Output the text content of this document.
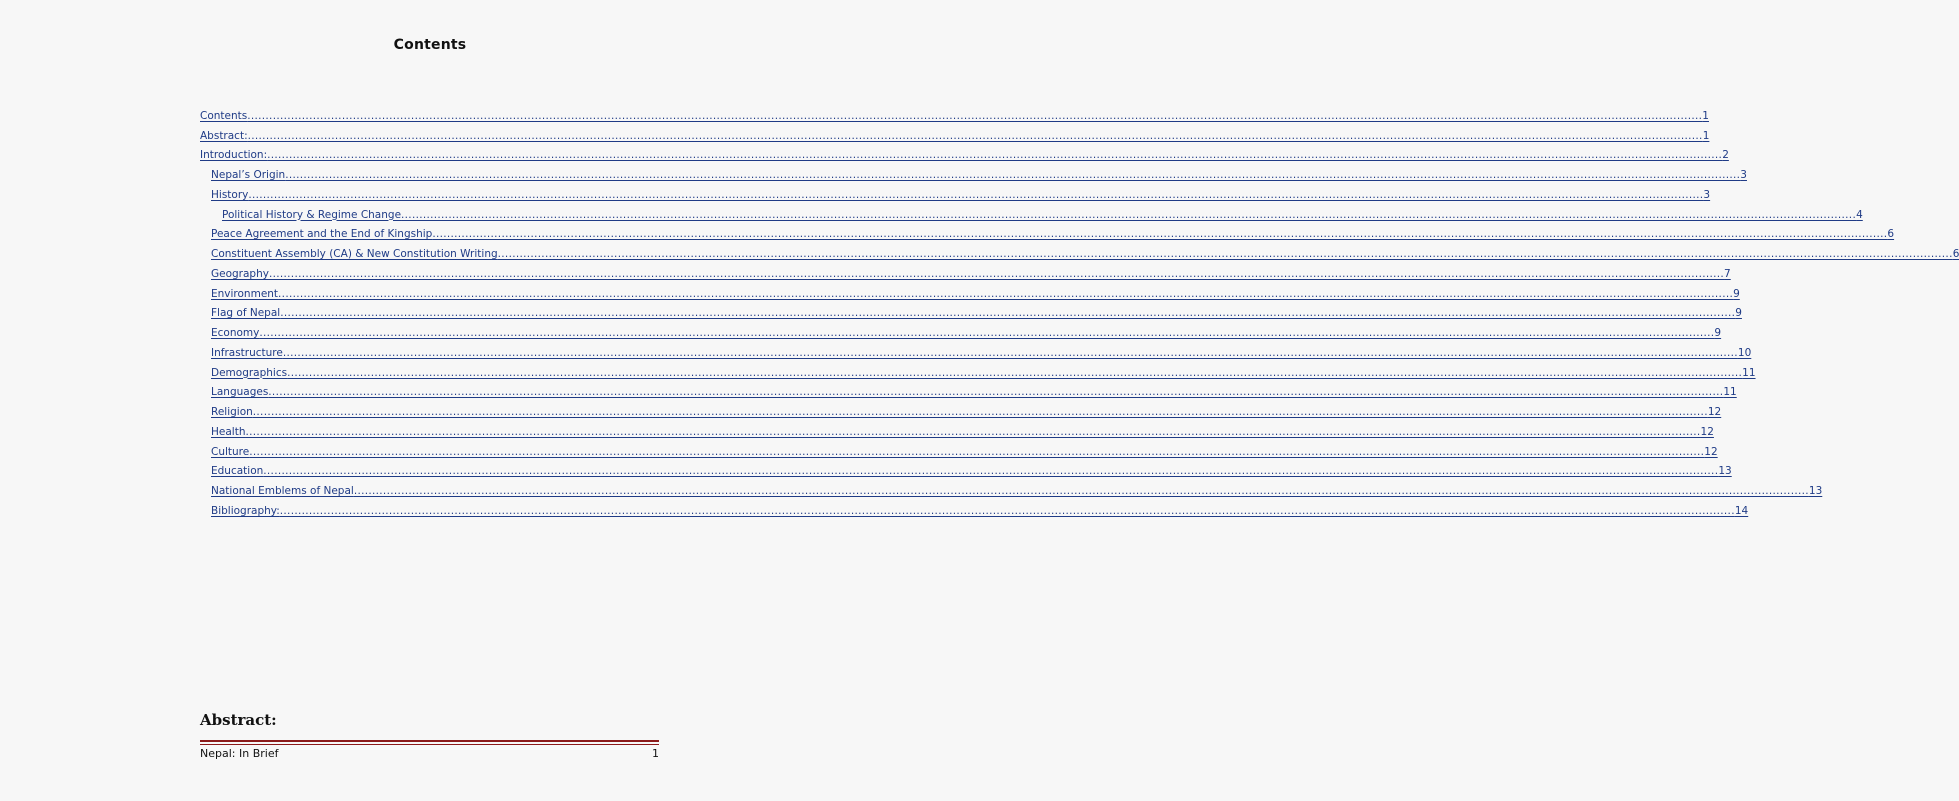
Contents
Contents ................................................................................................................................................................................................................................................................................................................................................................................................................ 1
Abstract: ................................................................................................................................................................................................................................................................................................................................................................................................................ 1
Introduction: ................................................................................................................................................................................................................................................................................................................................................................................................................ 2
Nepal’s Origin ................................................................................................................................................................................................................................................................................................................................................................................................................ 3
History ................................................................................................................................................................................................................................................................................................................................................................................................................ 3
Political History & Regime Change ................................................................................................................................................................................................................................................................................................................................................................................................................ 4
Peace Agreement and the End of Kingship ................................................................................................................................................................................................................................................................................................................................................................................................................ 6
Constituent Assembly (CA) & New Constitution Writing ................................................................................................................................................................................................................................................................................................................................................................................................................ 6
Geography ................................................................................................................................................................................................................................................................................................................................................................................................................ 7
Environment ................................................................................................................................................................................................................................................................................................................................................................................................................ 9
Flag of Nepal ................................................................................................................................................................................................................................................................................................................................................................................................................ 9
Economy ................................................................................................................................................................................................................................................................................................................................................................................................................ 9
Infrastructure ................................................................................................................................................................................................................................................................................................................................................................................................................ 10
Demographics ................................................................................................................................................................................................................................................................................................................................................................................................................ 11
Languages ................................................................................................................................................................................................................................................................................................................................................................................................................ 11
Religion ................................................................................................................................................................................................................................................................................................................................................................................................................ 12
Health ................................................................................................................................................................................................................................................................................................................................................................................................................ 12
Culture ................................................................................................................................................................................................................................................................................................................................................................................................................ 12
Education ................................................................................................................................................................................................................................................................................................................................................................................................................ 13
National Emblems of Nepal ................................................................................................................................................................................................................................................................................................................................................................................................................ 13
Bibliography: ................................................................................................................................................................................................................................................................................................................................................................................................................ 14
Abstract:
Nepal: In Brief	1
